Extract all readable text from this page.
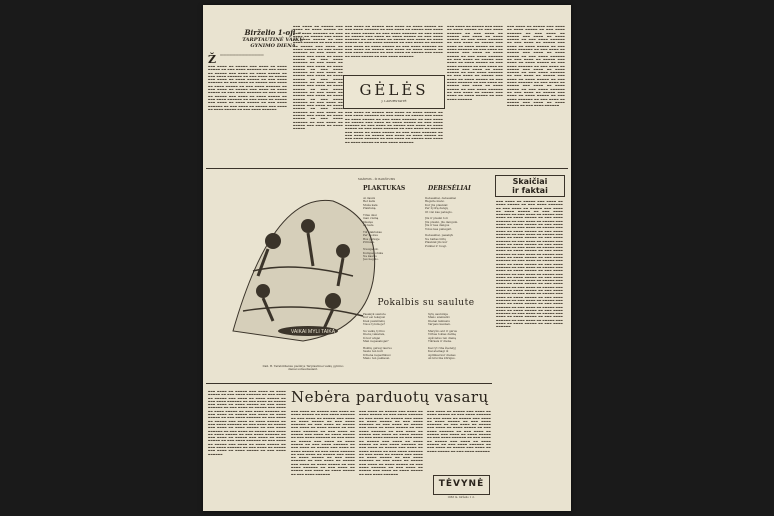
Birželio 1-oji –
TARPTAUTINĖ VAIKŲ
GYNIMO DIENA
Ž ════════════════════════════
▬▬▬ ▬▬▬▬ ▬▬ ▬▬▬▬▬ ▬▬▬ ▬▬▬▬ ▬▬ ▬▬▬▬ ▬▬▬▬▬ ▬▬ ▬▬▬ ▬▬▬▬ ▬▬▬▬▬▬ ▬▬ ▬▬▬ ▬▬▬▬ ▬▬ ▬▬▬▬▬ ▬▬▬ ▬▬▬▬ ▬▬ ▬▬▬▬ ▬▬▬▬▬ ▬▬ ▬▬▬ ▬▬▬▬ ▬▬▬▬▬▬ ▬▬ ▬▬▬ ▬▬▬▬ ▬▬ ▬▬▬▬▬ ▬▬▬ ▬▬▬▬ ▬▬ ▬▬▬▬ ▬▬▬▬▬ ▬▬ ▬▬▬ ▬▬▬▬ ▬▬▬▬▬▬ ▬▬ ▬▬▬ ▬▬▬▬ ▬▬ ▬▬▬▬▬ ▬▬▬ ▬▬▬▬ ▬▬ ▬▬▬▬ ▬▬▬▬▬ ▬▬ ▬▬▬ ▬▬▬▬ ▬▬▬▬▬▬ ▬▬ ▬▬▬ ▬▬▬▬ ▬▬ ▬▬▬▬▬ ▬▬▬ ▬▬▬▬ ▬▬ ▬▬▬▬ ▬▬▬▬▬ ▬▬ ▬▬▬ ▬▬▬▬ ▬▬▬▬▬▬ ▬▬ ▬▬▬ ▬▬▬▬ ▬▬ ▬▬▬▬▬ ▬▬▬ ▬▬▬▬ ▬▬ ▬▬▬▬ ▬▬▬▬▬ ▬▬ ▬▬▬ ▬▬▬▬ ▬▬▬▬▬▬ ▬▬ ▬▬▬ ▬▬▬▬ ▬▬ ▬▬▬▬▬ ▬▬▬ ▬▬▬▬ ▬▬ ▬▬▬▬ ▬▬▬▬▬ ▬▬ ▬▬▬ ▬▬▬▬ ▬▬▬▬▬▬ ▬▬ ▬▬▬ ▬▬▬▬ ▬▬ ▬▬▬▬▬ ▬▬▬ ▬▬▬▬ ▬▬ ▬▬▬▬ ▬▬▬▬▬ ▬▬ ▬▬▬ ▬▬▬▬ ▬▬▬▬▬▬
▬▬▬ ▬▬▬▬ ▬▬ ▬▬▬▬▬ ▬▬▬ ▬▬▬▬ ▬▬ ▬▬▬▬ ▬▬▬▬▬ ▬▬ ▬▬▬ ▬▬▬▬ ▬▬▬▬▬▬ ▬▬ ▬▬▬ ▬▬▬▬ ▬▬ ▬▬▬▬▬ ▬▬▬ ▬▬▬▬ ▬▬ ▬▬▬▬ ▬▬▬▬▬ ▬▬ ▬▬▬ ▬▬▬▬ ▬▬▬▬▬▬ ▬▬ ▬▬▬ ▬▬▬▬ ▬▬ ▬▬▬▬▬ ▬▬▬ ▬▬▬▬ ▬▬ ▬▬▬▬ ▬▬▬▬▬ ▬▬ ▬▬▬ ▬▬▬▬ ▬▬▬▬▬▬ ▬▬ ▬▬▬ ▬▬▬▬ ▬▬ ▬▬▬▬▬ ▬▬▬ ▬▬▬▬ ▬▬ ▬▬▬▬ ▬▬▬▬▬ ▬▬ ▬▬▬ ▬▬▬▬ ▬▬▬▬▬▬ ▬▬ ▬▬▬ ▬▬▬▬ ▬▬ ▬▬▬▬▬ ▬▬▬ ▬▬▬▬ ▬▬ ▬▬▬▬ ▬▬▬▬▬ ▬▬ ▬▬▬ ▬▬▬▬ ▬▬▬▬▬▬ ▬▬ ▬▬▬ ▬▬▬▬ ▬▬ ▬▬▬▬▬ ▬▬▬ ▬▬▬▬ ▬▬ ▬▬▬▬ ▬▬▬▬▬ ▬▬ ▬▬▬ ▬▬▬▬ ▬▬▬▬▬▬ ▬▬ ▬▬▬ ▬▬▬▬ ▬▬ ▬▬▬▬▬ ▬▬▬ ▬▬▬▬ ▬▬ ▬▬▬▬ ▬▬▬▬▬ ▬▬ ▬▬▬ ▬▬▬▬ ▬▬▬▬▬▬ ▬▬ ▬▬▬ ▬▬▬▬ ▬▬ ▬▬▬▬▬ ▬▬▬ ▬▬▬▬ ▬▬ ▬▬▬▬ ▬▬▬▬▬ ▬▬ ▬▬▬ ▬▬▬▬ ▬▬▬▬▬▬ ▬▬ ▬▬▬ ▬▬▬▬ ▬▬ ▬▬▬▬▬ ▬▬▬ ▬▬▬▬ ▬▬ ▬▬▬▬ ▬▬▬▬▬ ▬▬ ▬▬▬ ▬▬▬▬ ▬▬▬▬▬▬ ▬▬ ▬▬▬ ▬▬▬▬ ▬▬ ▬▬▬▬▬ ▬▬▬ ▬▬▬▬ ▬▬ ▬▬▬▬ ▬▬▬▬▬ ▬▬ ▬▬▬ ▬▬▬▬ ▬▬▬▬▬▬ ▬▬ ▬▬▬ ▬▬▬▬ ▬▬ ▬▬▬▬▬ ▬▬▬ ▬▬▬▬ ▬▬ ▬▬▬▬ ▬▬▬▬▬
GĖLĖS
J. LAPURSTAITĖ
▬▬▬ ▬▬▬▬ ▬▬ ▬▬▬▬▬ ▬▬▬ ▬▬▬▬ ▬▬ ▬▬▬▬ ▬▬▬▬▬ ▬▬ ▬▬▬ ▬▬▬▬ ▬▬▬▬▬▬ ▬▬ ▬▬▬ ▬▬▬▬ ▬▬ ▬▬▬▬▬ ▬▬▬ ▬▬▬▬ ▬▬ ▬▬▬▬ ▬▬▬▬▬ ▬▬ ▬▬▬ ▬▬▬▬ ▬▬▬▬▬▬ ▬▬ ▬▬▬ ▬▬▬▬ ▬▬ ▬▬▬▬▬ ▬▬▬ ▬▬▬▬ ▬▬ ▬▬▬▬ ▬▬▬▬▬ ▬▬ ▬▬▬ ▬▬▬▬ ▬▬▬▬▬▬ ▬▬ ▬▬▬ ▬▬▬▬ ▬▬ ▬▬▬▬▬ ▬▬▬ ▬▬▬▬ ▬▬ ▬▬▬▬ ▬▬▬▬▬ ▬▬ ▬▬▬ ▬▬▬▬ ▬▬▬▬▬▬ ▬▬ ▬▬▬ ▬▬▬▬ ▬▬ ▬▬▬▬▬ ▬▬▬ ▬▬▬▬ ▬▬ ▬▬▬▬ ▬▬▬▬▬ ▬▬ ▬▬▬ ▬▬▬▬ ▬▬▬▬▬▬ ▬▬ ▬▬▬ ▬▬▬▬ ▬▬ ▬▬▬▬▬ ▬▬▬ ▬▬▬▬ ▬▬ ▬▬▬▬ ▬▬▬▬▬ ▬▬ ▬▬▬ ▬▬▬▬ ▬▬▬▬▬▬ ▬▬ ▬▬▬ ▬▬▬▬ ▬▬ ▬▬▬▬▬ ▬▬▬ ▬▬▬▬ ▬▬ ▬▬▬▬ ▬▬▬▬▬ ▬▬ ▬▬▬ ▬▬▬▬ ▬▬▬▬▬▬
▬▬▬ ▬▬▬▬ ▬▬ ▬▬▬▬▬ ▬▬▬ ▬▬▬▬ ▬▬ ▬▬▬▬ ▬▬▬▬▬ ▬▬ ▬▬▬ ▬▬▬▬ ▬▬▬▬▬▬ ▬▬ ▬▬▬ ▬▬▬▬ ▬▬ ▬▬▬▬▬ ▬▬▬ ▬▬▬▬ ▬▬ ▬▬▬▬ ▬▬▬▬▬ ▬▬ ▬▬▬ ▬▬▬▬ ▬▬▬▬▬▬ ▬▬ ▬▬▬ ▬▬▬▬ ▬▬ ▬▬▬▬▬ ▬▬▬ ▬▬▬▬ ▬▬ ▬▬▬▬ ▬▬▬▬▬ ▬▬ ▬▬▬ ▬▬▬▬ ▬▬▬▬▬▬ ▬▬ ▬▬▬ ▬▬▬▬ ▬▬ ▬▬▬▬▬ ▬▬▬ ▬▬▬▬ ▬▬ ▬▬▬▬ ▬▬▬▬▬ ▬▬ ▬▬▬ ▬▬▬▬ ▬▬▬▬▬▬ ▬▬ ▬▬▬ ▬▬▬▬ ▬▬ ▬▬▬▬▬ ▬▬▬ ▬▬▬▬ ▬▬ ▬▬▬▬ ▬▬▬▬▬ ▬▬ ▬▬▬ ▬▬▬▬ ▬▬▬▬▬▬ ▬▬ ▬▬▬ ▬▬▬▬ ▬▬ ▬▬▬▬▬ ▬▬▬ ▬▬▬▬ ▬▬ ▬▬▬▬ ▬▬▬▬▬ ▬▬ ▬▬▬ ▬▬▬▬ ▬▬▬▬▬▬ ▬▬ ▬▬▬ ▬▬▬▬ ▬▬ ▬▬▬▬▬ ▬▬▬ ▬▬▬▬ ▬▬ ▬▬▬▬ ▬▬▬▬▬ ▬▬ ▬▬▬ ▬▬▬▬ ▬▬▬▬▬▬
▬▬▬ ▬▬▬▬ ▬▬ ▬▬▬▬▬ ▬▬▬ ▬▬▬▬ ▬▬ ▬▬▬▬ ▬▬▬▬▬ ▬▬ ▬▬▬ ▬▬▬▬ ▬▬▬▬▬▬ ▬▬ ▬▬▬ ▬▬▬▬ ▬▬ ▬▬▬▬▬ ▬▬▬ ▬▬▬▬ ▬▬ ▬▬▬▬ ▬▬▬▬▬ ▬▬ ▬▬▬ ▬▬▬▬ ▬▬▬▬▬▬ ▬▬ ▬▬▬ ▬▬▬▬ ▬▬ ▬▬▬▬▬ ▬▬▬ ▬▬▬▬ ▬▬ ▬▬▬▬ ▬▬▬▬▬ ▬▬ ▬▬▬ ▬▬▬▬ ▬▬▬▬▬▬ ▬▬ ▬▬▬ ▬▬▬▬ ▬▬ ▬▬▬▬▬ ▬▬▬ ▬▬▬▬ ▬▬ ▬▬▬▬ ▬▬▬▬▬ ▬▬ ▬▬▬ ▬▬▬▬ ▬▬▬▬▬▬ ▬▬ ▬▬▬ ▬▬▬▬ ▬▬ ▬▬▬▬▬ ▬▬▬ ▬▬▬▬ ▬▬ ▬▬▬▬ ▬▬▬▬▬ ▬▬ ▬▬▬ ▬▬▬▬ ▬▬▬▬▬▬ ▬▬ ▬▬▬ ▬▬▬▬ ▬▬ ▬▬▬▬▬ ▬▬▬ ▬▬▬▬ ▬▬ ▬▬▬▬ ▬▬▬▬▬ ▬▬ ▬▬▬ ▬▬▬▬ ▬▬▬▬▬▬ ▬▬ ▬▬▬ ▬▬▬▬ ▬▬ ▬▬▬▬▬ ▬▬▬ ▬▬▬▬ ▬▬ ▬▬▬▬ ▬▬▬▬▬ ▬▬ ▬▬▬ ▬▬▬▬ ▬▬▬▬▬▬ ▬▬ ▬▬▬ ▬▬▬▬ ▬▬ ▬▬▬▬▬ ▬▬▬ ▬▬▬▬ ▬▬ ▬▬▬▬ ▬▬▬▬▬ ▬▬ ▬▬▬ ▬▬▬▬ ▬▬▬▬▬▬ ▬▬ ▬▬▬ ▬▬▬▬ ▬▬ ▬▬▬▬▬ ▬▬▬ ▬▬▬▬ ▬▬ ▬▬▬▬ ▬▬▬▬▬ ▬▬ ▬▬▬ ▬▬▬▬ ▬▬▬▬▬▬
▬▬▬ ▬▬▬▬ ▬▬ ▬▬▬▬▬ ▬▬▬ ▬▬▬▬ ▬▬ ▬▬▬▬ ▬▬▬▬▬ ▬▬ ▬▬▬ ▬▬▬▬ ▬▬▬▬▬▬ ▬▬ ▬▬▬ ▬▬▬▬ ▬▬ ▬▬▬▬▬ ▬▬▬ ▬▬▬▬ ▬▬ ▬▬▬▬ ▬▬▬▬▬ ▬▬ ▬▬▬ ▬▬▬▬ ▬▬▬▬▬▬ ▬▬ ▬▬▬ ▬▬▬▬ ▬▬ ▬▬▬▬▬ ▬▬▬ ▬▬▬▬ ▬▬ ▬▬▬▬ ▬▬▬▬▬ ▬▬ ▬▬▬ ▬▬▬▬ ▬▬▬▬▬▬ ▬▬ ▬▬▬ ▬▬▬▬ ▬▬ ▬▬▬▬▬ ▬▬▬ ▬▬▬▬ ▬▬ ▬▬▬▬ ▬▬▬▬▬ ▬▬ ▬▬▬ ▬▬▬▬ ▬▬▬▬▬▬ ▬▬ ▬▬▬ ▬▬▬▬ ▬▬ ▬▬▬▬▬ ▬▬▬ ▬▬▬▬ ▬▬ ▬▬▬▬ ▬▬▬▬▬ ▬▬ ▬▬▬ ▬▬▬▬ ▬▬▬▬▬▬ ▬▬ ▬▬▬ ▬▬▬▬ ▬▬ ▬▬▬▬▬ ▬▬▬ ▬▬▬▬ ▬▬ ▬▬▬▬ ▬▬▬▬▬ ▬▬ ▬▬▬ ▬▬▬▬ ▬▬▬▬▬▬ ▬▬ ▬▬▬ ▬▬▬▬ ▬▬ ▬▬▬▬▬ ▬▬▬ ▬▬▬▬ ▬▬ ▬▬▬▬ ▬▬▬▬▬ ▬▬ ▬▬▬ ▬▬▬▬ ▬▬▬▬▬▬ ▬▬ ▬▬▬ ▬▬▬▬ ▬▬ ▬▬▬▬▬ ▬▬▬ ▬▬▬▬ ▬▬ ▬▬▬▬ ▬▬▬▬▬ ▬▬ ▬▬▬ ▬▬▬▬ ▬▬▬▬▬▬ ▬▬ ▬▬▬ ▬▬▬▬ ▬▬ ▬▬▬▬▬ ▬▬▬ ▬▬▬▬ ▬▬ ▬▬▬▬ ▬▬▬▬▬ ▬▬ ▬▬▬ ▬▬▬▬ ▬▬▬▬▬▬ ▬▬ ▬▬▬ ▬▬▬▬ ▬▬ ▬▬▬▬▬ ▬▬▬ ▬▬▬▬ ▬▬ ▬▬▬▬ ▬▬▬▬▬ ▬▬ ▬▬▬ ▬▬▬▬ ▬▬▬▬▬▬
VAIKAI MYLI TAIKĄ
Dail. B. Tarabildienės piešinys Tarptautinei vaikų gynimo
dienai sutiesdiesiant.
MAŽIEMS – ŽI BAIKŠTUMS
PLAKTUKAS	DEBESĖLIAI
Ai daužė
Bet šalis
Muša kalė
Plaktuką.

Titas dėsi
man visiną
Iškėlęs
Aš kalu.

Tiš plaktukas
Per mokus
Bus gatvėje
Pirmiau.

Nusigando
Kumpas stuka
Ne kasčis
Jau negalo.
Debesėliai, debesėliai
Bėgsite mano
Kur jūs plaukiat
Per žydrą dangų
Ot visi kas pabėgis.

Jūs ir plauki toli
Jūs plauki, jūs dangum.
Jūs ir kas dangus
Tolus kas pabėgsit.

Debesėliai, pasakyk
Ne baltas būtų
Plaukiat jūs kur
Puikiai ir ruogi.
Pokalbis su saulute
Pasakyk saulute
Kur esi tekėjusi
Kiek paukštelių
Visos tylumoje?

Su vaikų tyrinu
Dienų vakarais,
Iš kur atėjai
Man nepasakojai?

Buklių gatvėj taurus
Saulė ten kuri
Irdiena nepadūkusi
Mano ten paklausi.
Sylų saulutėje
Mano ateinanti
Dienai laimėsiu
Varpais kaunan.

Maryšio ant ir gėrus
Virbas tokias dalinę
Apšvietus ten dieną
Tikrasis ir diena.

Kai ryt riba žiedelyj
Kai ateinagi iš
Aplinkai kur dienas
Aš kruvina kūrėjus.
Skaičiai
ir faktai
▬▬▬ ▬▬▬▬ ▬▬ ▬▬▬▬▬ ▬▬▬ ▬▬▬▬ ▬▬ ▬▬▬▬ ▬▬▬▬▬ ▬▬ ▬▬▬ ▬▬▬▬ ▬▬▬▬▬▬ ▬▬ ▬▬▬ ▬▬▬▬ ▬▬ ▬▬▬▬▬ ▬▬▬ ▬▬▬▬ ▬▬ ▬▬▬▬ ▬▬▬▬▬ ▬▬ ▬▬▬ ▬▬▬▬ ▬▬▬▬▬▬ ▬▬ ▬▬▬ ▬▬▬▬ ▬▬ ▬▬▬▬▬ ▬▬▬ ▬▬▬▬ ▬▬ ▬▬▬▬ ▬▬▬▬▬ ▬▬ ▬▬▬ ▬▬▬▬ ▬▬▬▬▬▬ ▬▬ ▬▬▬ ▬▬▬▬ ▬▬ ▬▬▬▬▬ ▬▬▬ ▬▬▬▬ ▬▬ ▬▬▬▬ ▬▬▬▬▬ ▬▬ ▬▬▬ ▬▬▬▬ ▬▬▬▬▬▬ ▬▬ ▬▬▬ ▬▬▬▬ ▬▬ ▬▬▬▬▬ ▬▬▬ ▬▬▬▬ ▬▬ ▬▬▬▬ ▬▬▬▬▬ ▬▬ ▬▬▬ ▬▬▬▬ ▬▬▬▬▬▬ ▬▬ ▬▬▬ ▬▬▬▬ ▬▬ ▬▬▬▬▬ ▬▬▬ ▬▬▬▬ ▬▬ ▬▬▬▬ ▬▬▬▬▬ ▬▬ ▬▬▬ ▬▬▬▬ ▬▬▬▬▬▬ ▬▬ ▬▬▬ ▬▬▬▬ ▬▬ ▬▬▬▬▬ ▬▬▬ ▬▬▬▬ ▬▬ ▬▬▬▬ ▬▬▬▬▬ ▬▬ ▬▬▬ ▬▬▬▬ ▬▬▬▬▬▬ ▬▬ ▬▬▬ ▬▬▬▬ ▬▬ ▬▬▬▬▬ ▬▬▬ ▬▬▬▬ ▬▬ ▬▬▬▬ ▬▬▬▬▬ ▬▬ ▬▬▬ ▬▬▬▬ ▬▬▬▬▬▬ ▬▬ ▬▬▬ ▬▬▬▬ ▬▬ ▬▬▬▬▬ ▬▬▬ ▬▬▬▬ ▬▬ ▬▬▬▬ ▬▬▬▬▬ ▬▬ ▬▬▬ ▬▬▬▬ ▬▬▬▬▬▬ ▬▬ ▬▬▬ ▬▬▬▬ ▬▬ ▬▬▬▬▬ ▬▬▬ ▬▬▬▬ ▬▬ ▬▬▬▬ ▬▬▬▬▬ ▬▬ ▬▬▬ ▬▬▬▬ ▬▬▬▬▬▬ ▬▬ ▬▬▬ ▬▬▬▬ ▬▬ ▬▬▬▬▬ ▬▬▬ ▬▬▬▬ ▬▬ ▬▬▬▬ ▬▬▬▬▬ ▬▬ ▬▬▬ ▬▬▬▬ ▬▬▬▬▬▬ ▬▬ ▬▬▬ ▬▬▬▬ ▬▬ ▬▬▬▬▬ ▬▬▬ ▬▬▬▬ ▬▬ ▬▬▬▬ ▬▬▬▬▬ ▬▬ ▬▬▬ ▬▬▬▬ ▬▬▬▬▬▬ ▬▬ ▬▬▬ ▬▬▬▬ ▬▬ ▬▬▬▬▬ ▬▬▬ ▬▬▬▬ ▬▬ ▬▬▬▬ ▬▬▬▬▬ ▬▬ ▬▬▬ ▬▬▬▬ ▬▬▬▬▬▬ ▬▬ ▬▬▬ ▬▬▬▬ ▬▬ ▬▬▬▬▬ ▬▬▬ ▬▬▬▬ ▬▬ ▬▬▬▬ ▬▬▬▬▬ ▬▬ ▬▬▬ ▬▬▬▬ ▬▬▬▬▬▬ ▬▬ ▬▬▬ ▬▬▬▬ ▬▬ ▬▬▬▬▬ ▬▬▬ ▬▬▬▬ ▬▬ ▬▬▬▬ ▬▬▬▬▬ ▬▬ ▬▬▬ ▬▬▬▬ ▬▬▬▬▬▬ ▬▬ ▬▬▬ ▬▬▬▬ ▬▬ ▬▬▬▬▬ ▬▬▬ ▬▬▬▬ ▬▬ ▬▬▬▬ ▬▬▬▬▬ ▬▬ ▬▬▬ ▬▬▬▬ ▬▬▬▬▬▬ ▬▬ ▬▬▬ ▬▬▬▬ ▬▬ ▬▬▬▬▬ ▬▬▬ ▬▬▬▬ ▬▬ ▬▬▬▬ ▬▬▬▬▬ ▬▬ ▬▬▬ ▬▬▬▬ ▬▬▬▬▬▬ ▬▬ ▬▬▬ ▬▬▬▬ ▬▬ ▬▬▬▬▬ ▬▬▬ ▬▬▬▬ ▬▬ ▬▬▬▬ ▬▬▬▬▬ ▬▬ ▬▬▬ ▬▬▬▬ ▬▬▬▬▬▬ ▬▬ ▬▬▬ ▬▬▬▬ ▬▬ ▬▬▬▬▬ ▬▬▬ ▬▬▬▬ ▬▬ ▬▬▬▬ ▬▬▬▬▬ ▬▬ ▬▬▬ ▬▬▬▬ ▬▬▬▬▬▬
Nebėra parduotų vasarų
▬▬▬ ▬▬▬▬ ▬▬ ▬▬▬▬▬ ▬▬▬ ▬▬▬▬ ▬▬ ▬▬▬▬ ▬▬▬▬▬ ▬▬ ▬▬▬ ▬▬▬▬ ▬▬▬▬▬▬ ▬▬ ▬▬▬ ▬▬▬▬ ▬▬ ▬▬▬▬▬ ▬▬▬ ▬▬▬▬ ▬▬ ▬▬▬▬ ▬▬▬▬▬ ▬▬ ▬▬▬ ▬▬▬▬ ▬▬▬▬▬▬ ▬▬ ▬▬▬ ▬▬▬▬ ▬▬ ▬▬▬▬▬ ▬▬▬ ▬▬▬▬ ▬▬ ▬▬▬▬ ▬▬▬▬▬ ▬▬ ▬▬▬ ▬▬▬▬ ▬▬▬▬▬▬ ▬▬ ▬▬▬ ▬▬▬▬ ▬▬ ▬▬▬▬▬ ▬▬▬ ▬▬▬▬ ▬▬ ▬▬▬▬ ▬▬▬▬▬ ▬▬ ▬▬▬ ▬▬▬▬ ▬▬▬▬▬▬ ▬▬ ▬▬▬ ▬▬▬▬ ▬▬ ▬▬▬▬▬ ▬▬▬ ▬▬▬▬ ▬▬ ▬▬▬▬ ▬▬▬▬▬ ▬▬ ▬▬▬ ▬▬▬▬ ▬▬▬▬▬▬ ▬▬ ▬▬▬ ▬▬▬▬ ▬▬ ▬▬▬▬▬ ▬▬▬ ▬▬▬▬ ▬▬ ▬▬▬▬ ▬▬▬▬▬ ▬▬ ▬▬▬ ▬▬▬▬ ▬▬▬▬▬▬ ▬▬ ▬▬▬ ▬▬▬▬ ▬▬ ▬▬▬▬▬ ▬▬▬ ▬▬▬▬ ▬▬ ▬▬▬▬ ▬▬▬▬▬ ▬▬ ▬▬▬ ▬▬▬▬ ▬▬▬▬▬▬ ▬▬ ▬▬▬ ▬▬▬▬ ▬▬ ▬▬▬▬▬ ▬▬▬ ▬▬▬▬ ▬▬ ▬▬▬▬ ▬▬▬▬▬ ▬▬ ▬▬▬ ▬▬▬▬ ▬▬▬▬▬▬ ▬▬ ▬▬▬ ▬▬▬▬ ▬▬ ▬▬▬▬▬ ▬▬▬ ▬▬▬▬ ▬▬ ▬▬▬▬ ▬▬▬▬▬ ▬▬ ▬▬▬ ▬▬▬▬ ▬▬▬▬▬▬ ▬▬ ▬▬▬ ▬▬▬▬ ▬▬ ▬▬▬▬▬ ▬▬▬ ▬▬▬▬ ▬▬ ▬▬▬▬ ▬▬▬▬▬ ▬▬ ▬▬▬ ▬▬▬▬ ▬▬▬▬▬▬ ▬▬ ▬▬▬ ▬▬▬▬ ▬▬ ▬▬▬▬▬ ▬▬▬ ▬▬▬▬ ▬▬ ▬▬▬▬ ▬▬▬▬▬ ▬▬ ▬▬▬ ▬▬▬▬ ▬▬▬▬▬▬
▬▬▬ ▬▬▬▬ ▬▬ ▬▬▬▬▬ ▬▬▬ ▬▬▬▬ ▬▬ ▬▬▬▬ ▬▬▬▬▬ ▬▬ ▬▬▬ ▬▬▬▬ ▬▬▬▬▬▬ ▬▬ ▬▬▬ ▬▬▬▬ ▬▬ ▬▬▬▬▬ ▬▬▬ ▬▬▬▬ ▬▬ ▬▬▬▬ ▬▬▬▬▬ ▬▬ ▬▬▬ ▬▬▬▬ ▬▬▬▬▬▬ ▬▬ ▬▬▬ ▬▬▬▬ ▬▬ ▬▬▬▬▬ ▬▬▬ ▬▬▬▬ ▬▬ ▬▬▬▬ ▬▬▬▬▬ ▬▬ ▬▬▬ ▬▬▬▬ ▬▬▬▬▬▬ ▬▬ ▬▬▬ ▬▬▬▬ ▬▬ ▬▬▬▬▬ ▬▬▬ ▬▬▬▬ ▬▬ ▬▬▬▬ ▬▬▬▬▬ ▬▬ ▬▬▬ ▬▬▬▬ ▬▬▬▬▬▬ ▬▬ ▬▬▬ ▬▬▬▬ ▬▬ ▬▬▬▬▬ ▬▬▬ ▬▬▬▬ ▬▬ ▬▬▬▬ ▬▬▬▬▬ ▬▬ ▬▬▬ ▬▬▬▬ ▬▬▬▬▬▬ ▬▬ ▬▬▬ ▬▬▬▬ ▬▬ ▬▬▬▬▬ ▬▬▬ ▬▬▬▬ ▬▬ ▬▬▬▬ ▬▬▬▬▬ ▬▬ ▬▬▬ ▬▬▬▬ ▬▬▬▬▬▬ ▬▬ ▬▬▬ ▬▬▬▬ ▬▬ ▬▬▬▬▬ ▬▬▬ ▬▬▬▬ ▬▬ ▬▬▬▬ ▬▬▬▬▬ ▬▬ ▬▬▬ ▬▬▬▬ ▬▬▬▬▬▬ ▬▬ ▬▬▬ ▬▬▬▬ ▬▬ ▬▬▬▬▬ ▬▬▬ ▬▬▬▬ ▬▬ ▬▬▬▬ ▬▬▬▬▬ ▬▬ ▬▬▬ ▬▬▬▬ ▬▬▬▬▬▬ ▬▬ ▬▬▬ ▬▬▬▬ ▬▬ ▬▬▬▬▬ ▬▬▬ ▬▬▬▬ ▬▬ ▬▬▬▬ ▬▬▬▬▬ ▬▬ ▬▬▬ ▬▬▬▬ ▬▬▬▬▬▬
▬▬▬ ▬▬▬▬ ▬▬ ▬▬▬▬▬ ▬▬▬ ▬▬▬▬ ▬▬ ▬▬▬▬ ▬▬▬▬▬ ▬▬ ▬▬▬ ▬▬▬▬ ▬▬▬▬▬▬ ▬▬ ▬▬▬ ▬▬▬▬ ▬▬ ▬▬▬▬▬ ▬▬▬ ▬▬▬▬ ▬▬ ▬▬▬▬ ▬▬▬▬▬ ▬▬ ▬▬▬ ▬▬▬▬ ▬▬▬▬▬▬ ▬▬ ▬▬▬ ▬▬▬▬ ▬▬ ▬▬▬▬▬ ▬▬▬ ▬▬▬▬ ▬▬ ▬▬▬▬ ▬▬▬▬▬ ▬▬ ▬▬▬ ▬▬▬▬ ▬▬▬▬▬▬ ▬▬ ▬▬▬ ▬▬▬▬ ▬▬ ▬▬▬▬▬ ▬▬▬ ▬▬▬▬ ▬▬ ▬▬▬▬ ▬▬▬▬▬ ▬▬ ▬▬▬ ▬▬▬▬ ▬▬▬▬▬▬ ▬▬ ▬▬▬ ▬▬▬▬ ▬▬ ▬▬▬▬▬ ▬▬▬ ▬▬▬▬ ▬▬ ▬▬▬▬ ▬▬▬▬▬ ▬▬ ▬▬▬ ▬▬▬▬ ▬▬▬▬▬▬ ▬▬ ▬▬▬ ▬▬▬▬ ▬▬ ▬▬▬▬▬ ▬▬▬ ▬▬▬▬ ▬▬ ▬▬▬▬ ▬▬▬▬▬ ▬▬ ▬▬▬ ▬▬▬▬ ▬▬▬▬▬▬ ▬▬ ▬▬▬ ▬▬▬▬ ▬▬ ▬▬▬▬▬ ▬▬▬ ▬▬▬▬ ▬▬ ▬▬▬▬ ▬▬▬▬▬ ▬▬ ▬▬▬ ▬▬▬▬ ▬▬▬▬▬▬ ▬▬ ▬▬▬ ▬▬▬▬ ▬▬ ▬▬▬▬▬ ▬▬▬ ▬▬▬▬ ▬▬ ▬▬▬▬ ▬▬▬▬▬ ▬▬ ▬▬▬ ▬▬▬▬ ▬▬▬▬▬▬ ▬▬ ▬▬▬ ▬▬▬▬ ▬▬ ▬▬▬▬▬ ▬▬▬ ▬▬▬▬ ▬▬ ▬▬▬▬ ▬▬▬▬▬ ▬▬ ▬▬▬ ▬▬▬▬ ▬▬▬▬▬▬
▬▬▬ ▬▬▬▬ ▬▬ ▬▬▬▬▬ ▬▬▬ ▬▬▬▬ ▬▬ ▬▬▬▬ ▬▬▬▬▬ ▬▬ ▬▬▬ ▬▬▬▬ ▬▬▬▬▬▬ ▬▬ ▬▬▬ ▬▬▬▬ ▬▬ ▬▬▬▬▬ ▬▬▬ ▬▬▬▬ ▬▬ ▬▬▬▬ ▬▬▬▬▬ ▬▬ ▬▬▬ ▬▬▬▬ ▬▬▬▬▬▬ ▬▬ ▬▬▬ ▬▬▬▬ ▬▬ ▬▬▬▬▬ ▬▬▬ ▬▬▬▬ ▬▬ ▬▬▬▬ ▬▬▬▬▬ ▬▬ ▬▬▬ ▬▬▬▬ ▬▬▬▬▬▬ ▬▬ ▬▬▬ ▬▬▬▬ ▬▬ ▬▬▬▬▬ ▬▬▬ ▬▬▬▬ ▬▬ ▬▬▬▬ ▬▬▬▬▬ ▬▬ ▬▬▬ ▬▬▬▬ ▬▬▬▬▬▬ ▬▬ ▬▬▬ ▬▬▬▬ ▬▬ ▬▬▬▬▬ ▬▬▬ ▬▬▬▬ ▬▬ ▬▬▬▬ ▬▬▬▬▬ ▬▬ ▬▬▬ ▬▬▬▬ ▬▬▬▬▬▬ ▬▬ ▬▬▬ ▬▬▬▬ ▬▬ ▬▬▬▬▬ ▬▬▬ ▬▬▬▬ ▬▬ ▬▬▬▬ ▬▬▬▬▬ ▬▬ ▬▬▬ ▬▬▬▬ ▬▬▬▬▬▬
TĖVYNĖ
1963 m. birželio 1 d.
